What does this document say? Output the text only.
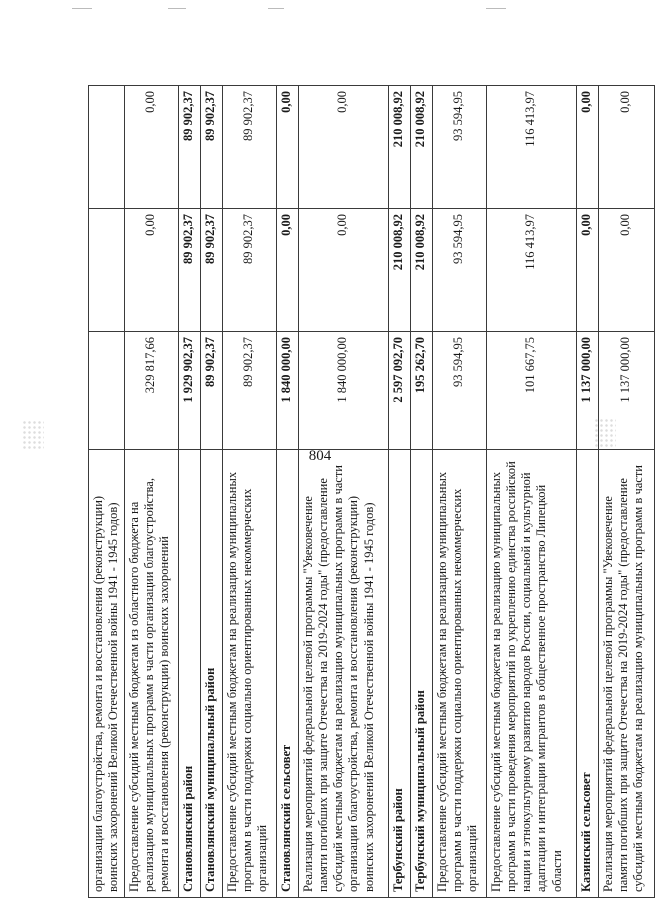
804
организации благоустройства, ремонта и восстановления (реконструкции) воинских захоронений Великой Отечественной войны 1941 - 1945 годов)			
Предоставление субсидий местным бюджетам из областного бюджета на реализацию муниципальных программ в части организации благоустройства, ремонта и восстановления (реконструкции) воинских захоронений	329 817,66	0,00	0,00
Становлянский район	1 929 902,37	89 902,37	89 902,37
Становлянский муниципальный район	89 902,37	89 902,37	89 902,37
Предоставление субсидий местным бюджетам на реализацию муниципальных программ в части поддержки социально ориентированных некоммерческих организаций	89 902,37	89 902,37	89 902,37
Становлянский сельсовет	1 840 000,00	0,00	0,00
Реализация мероприятий федеральной целевой программы "Увековечение памяти погибших при защите Отечества на 2019-2024 годы" (предоставление субсидий местным бюджетам на реализацию муниципальных программ в части организации благоустройства, ремонта и восстановления (реконструкции) воинских захоронений Великой Отечественной войны 1941 - 1945 годов)	1 840 000,00	0,00	0,00
Тербунский район	2 597 092,70	210 008,92	210 008,92
Тербунский муниципальный район	195 262,70	210 008,92	210 008,92
Предоставление субсидий местным бюджетам на реализацию муниципальных программ в части поддержки социально ориентированных некоммерческих организаций	93 594,95	93 594,95	93 594,95
Предоставление субсидий местным бюджетам на реализацию муниципальных программ в части проведения мероприятий по укреплению единства российской нации и этнокультурному развитию народов России, социальной и культурной адаптации и интеграции мигрантов в общественное пространство Липецкой области	101 667,75	116 413,97	116 413,97
Казинский сельсовет	1 137 000,00	0,00	0,00
Реализация мероприятий федеральной целевой программы "Увековечение памяти погибших при защите Отечества на 2019-2024 годы" (предоставление субсидий местным бюджетам на реализацию муниципальных программ в части	1 137 000,00	0,00	0,00
